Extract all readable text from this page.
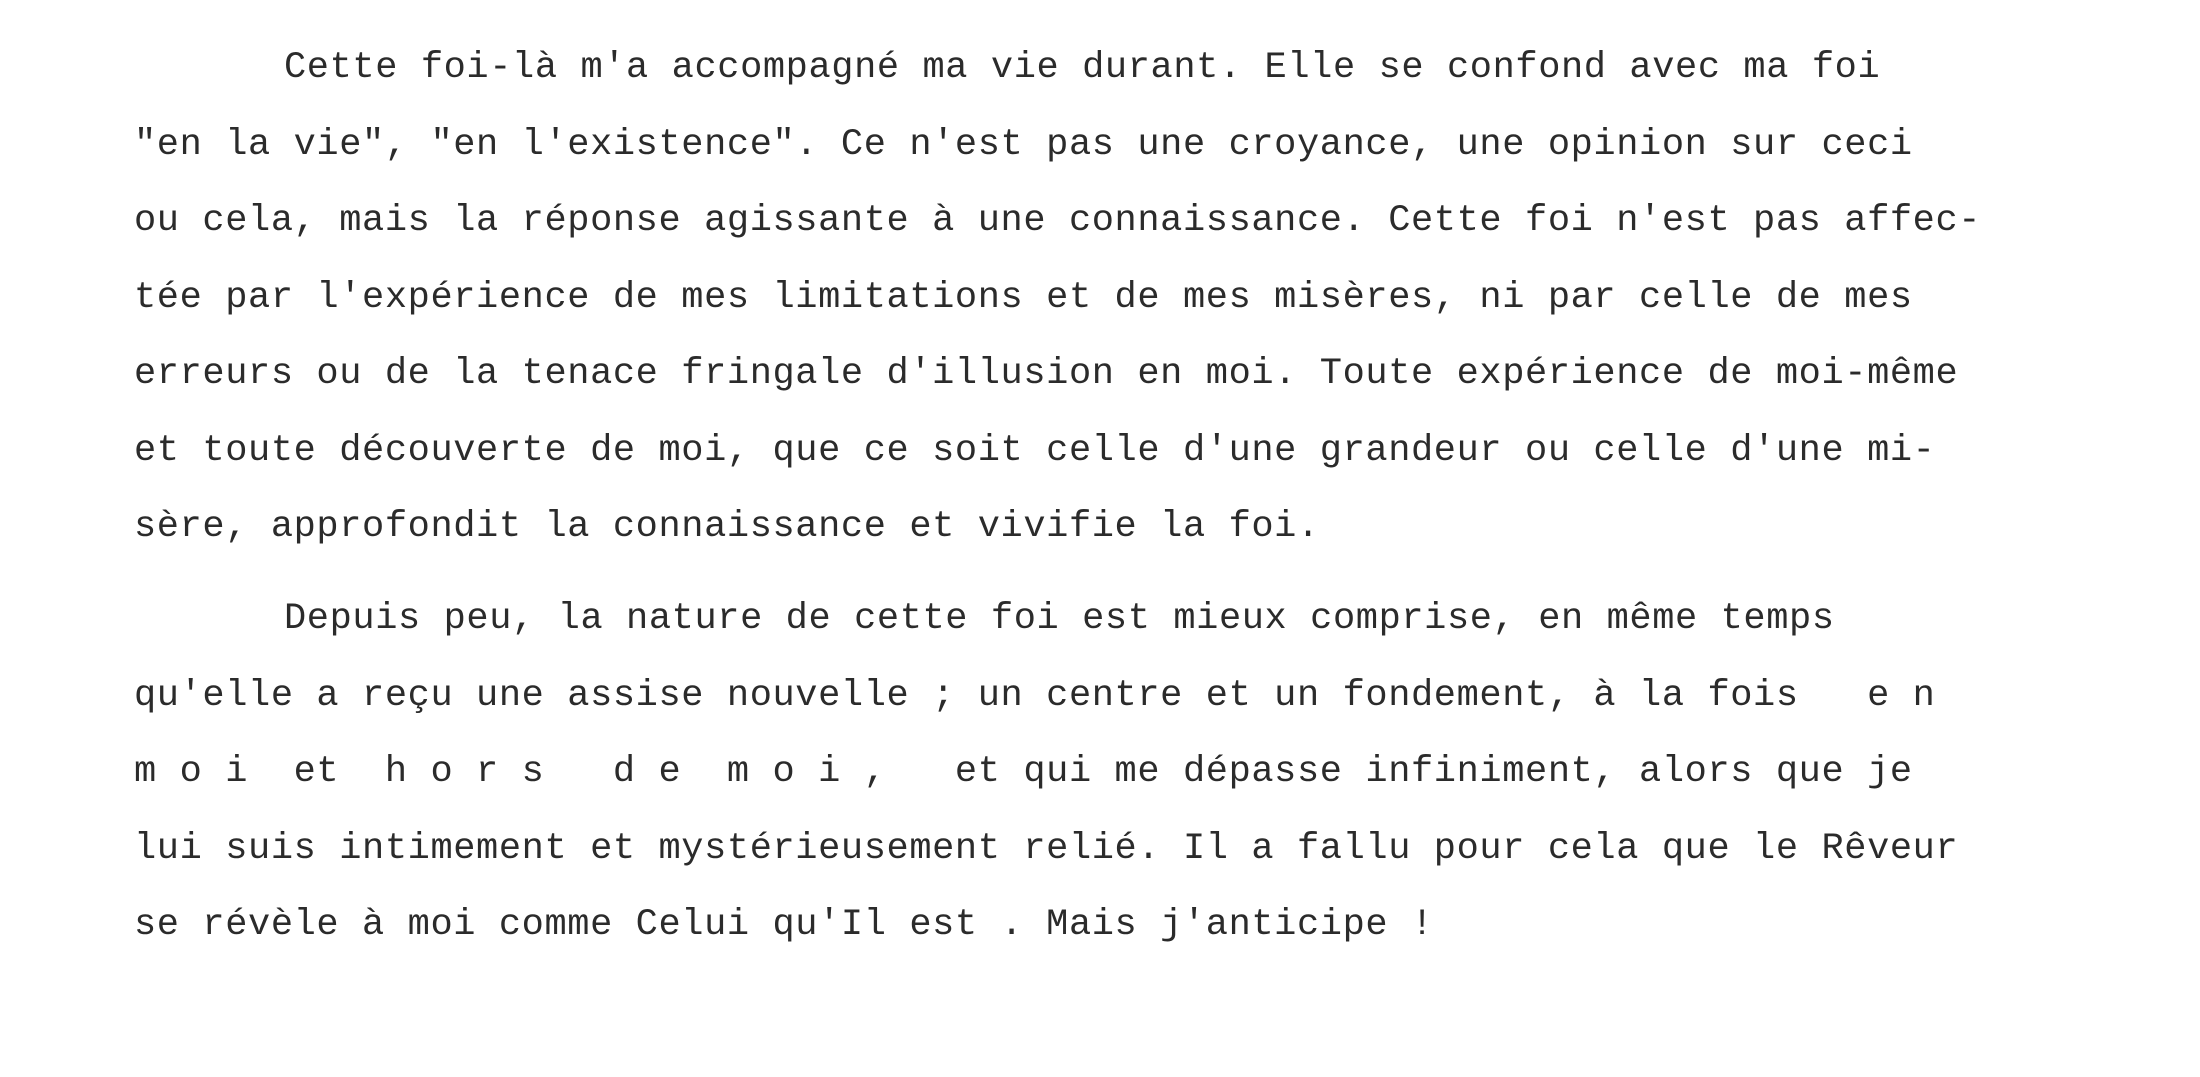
Cette foi-là m'a accompagné ma vie durant. Elle se confond avec ma foi
"en la vie", "en l'existence". Ce n'est pas une croyance, une opinion sur ceci
ou cela, mais la réponse agissante à une connaissance. Cette foi n'est pas affec-
tée par l'expérience de mes limitations et de mes misères, ni par celle de mes
erreurs ou de la tenace fringale d'illusion en moi. Toute expérience de moi-même
et toute découverte de moi, que ce soit celle d'une grandeur ou celle d'une mi-
sère, approfondit la connaissance et vivifie la foi.
Depuis peu, la nature de cette foi est mieux comprise, en même temps
qu'elle a reçu une assise nouvelle ; un centre et un fondement, à la fois   e n
m o i  et  h o r s   d e  m o i ,   et qui me dépasse infiniment, alors que je
lui suis intimement et mystérieusement relié. Il a fallu pour cela que le Rêveur
se révèle à moi comme Celui qu'Il est . Mais j'anticipe !
